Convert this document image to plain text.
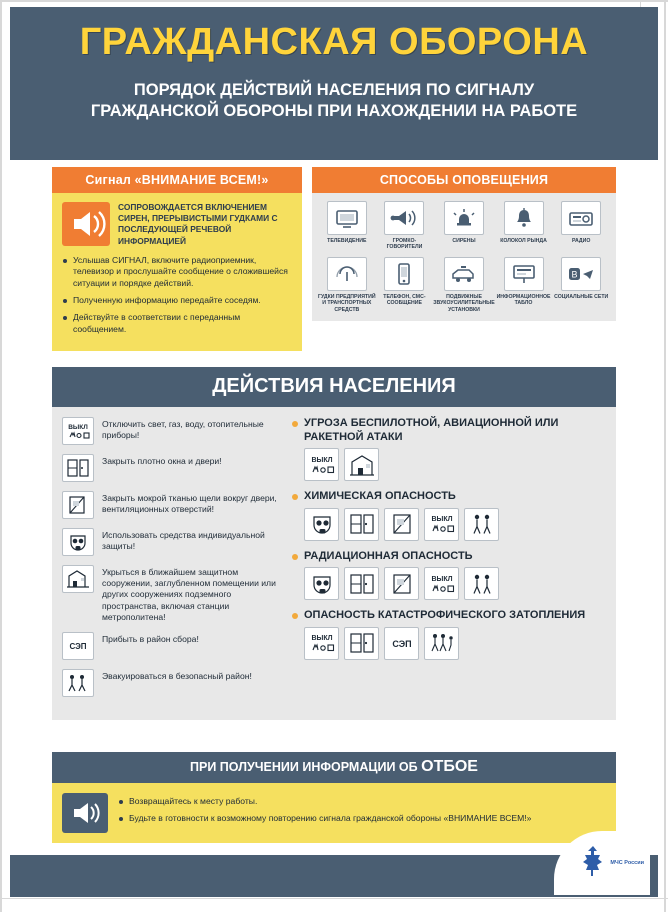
ГРАЖДАНСКАЯ ОБОРОНА
ПОРЯДОК ДЕЙСТВИЙ НАСЕЛЕНИЯ ПО СИГНАЛУ
ГРАЖДАНСКОЙ ОБОРОНЫ ПРИ НАХОЖДЕНИИ НА РАБОТЕ
Сигнал «ВНИМАНИЕ ВСЕМ!»
СОПРОВОЖДАЕТСЯ ВКЛЮЧЕНИЕМ СИРЕН, ПРЕРЫВИСТЫМИ ГУДКАМИ С ПОСЛЕДУЮЩЕЙ РЕЧЕВОЙ ИНФОРМАЦИЕЙ
Услышав СИГНАЛ, включите радиоприемник, телевизор и прослушайте сообщение о сложившейся ситуации и порядке действий.
Полученную информацию передайте соседям.
Действуйте в соответствии с переданным сообщением.
СПОСОБЫ ОПОВЕЩЕНИЯ
ТЕЛЕВИДЕНИЕ	ГРОМКО-ГОВОРИТЕЛИ
СИРЕНЫ	КОЛОКОЛ РЫНДА	РАДИО
ГУДКИ ПРЕДПРИЯТИЙ И ТРАНСПОРТНЫХ СРЕДСТВ
ТЕЛЕФОН, СМС-СООБЩЕНИЕ
ПОДВИЖНЫЕ ЗВУКОУСИЛИТЕЛЬНЫЕ УСТАНОВКИ
ИНФОРМАЦИОННОЕ ТАБЛО
B
СОЦИАЛЬНЫЕ СЕТИ
ДЕЙСТВИЯ НАСЕЛЕНИЯ
ВЫКЛ Отключить свет, газ, воду, отопительные приборы!
Закрыть плотно окна и двери!
Закрыть мокрой тканью щели вокруг двери, вентиляционных отверстий!
Использовать средства индивидуальной защиты!
Укрыться в ближайшем защитном сооружении, заглубленном помещении или других сооружениях подземного пространства, включая станции метрополитена!
СЭП
Прибыть в район сбора!
Эвакуироваться в безопасный район!
УГРОЗА БЕСПИЛОТНОЙ, АВИАЦИОННОЙ ИЛИ РАКЕТНОЙ АТАКИ
ВЫКЛ
ХИМИЧЕСКАЯ ОПАСНОСТЬ
ВЫКЛ
РАДИАЦИОННАЯ ОПАСНОСТЬ
ВЫКЛ
ОПАСНОСТЬ КАТАСТРОФИЧЕСКОГО ЗАТОПЛЕНИЯ
ВЫКЛ
СЭП
ПРИ ПОЛУЧЕНИИ ИНФОРМАЦИИ ОБ ОТБОЕ
Возвращайтесь к месту работы.
Будьте в готовности к возможному повторению сигнала гражданской обороны «ВНИМАНИЕ ВСЕМ!»
МЧС России
